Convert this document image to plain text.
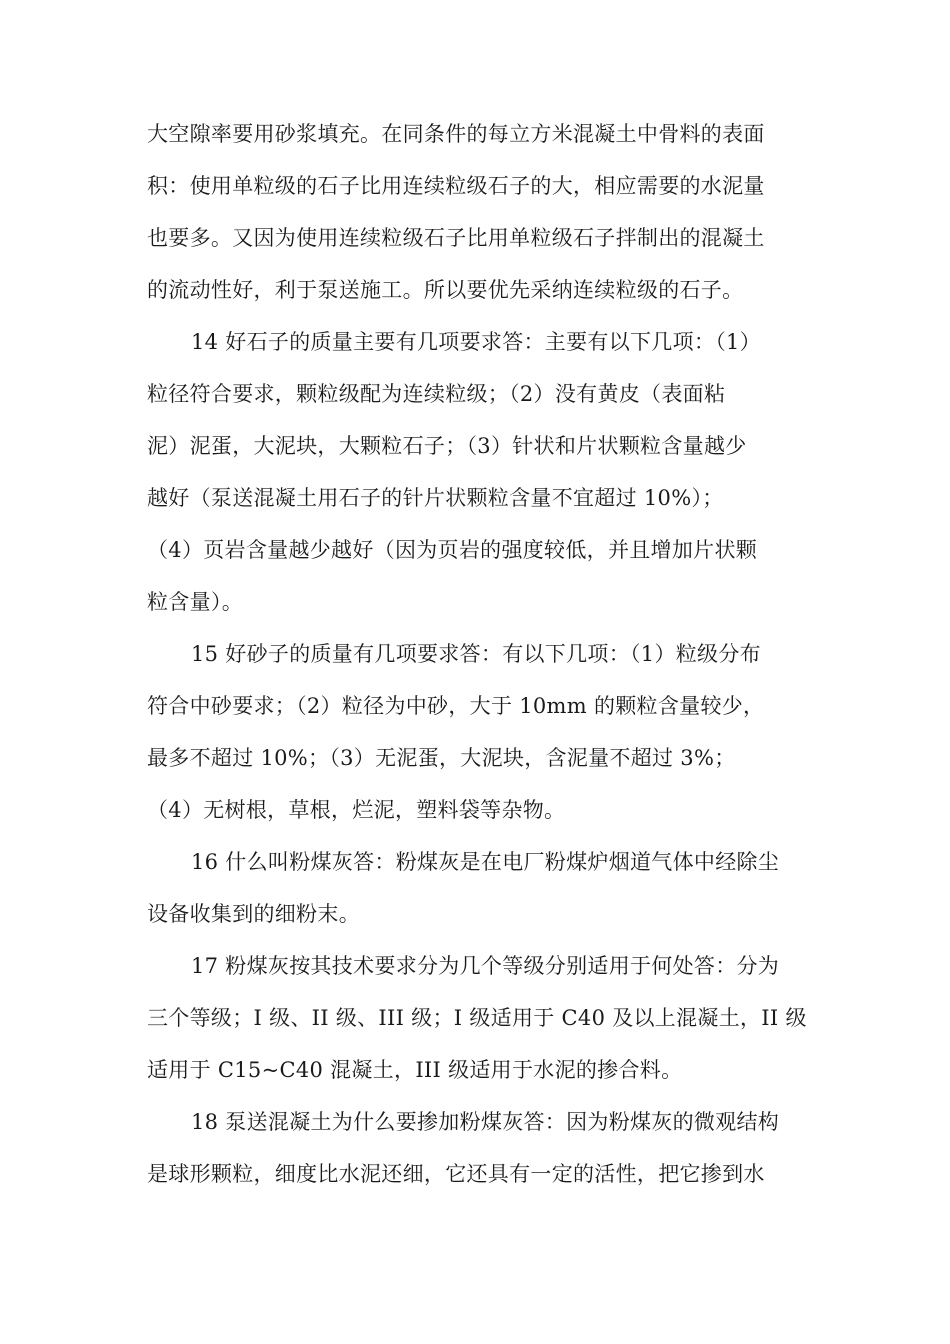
大空隙率要用砂浆填充。在同条件的每立方米混凝土中骨料的表面
积：使用单粒级的石子比用连续粒级石子的大，相应需要的水泥量
也要多。又因为使用连续粒级石子比用单粒级石子拌制出的混凝土
的流动性好，利于泵送施工。所以要优先采纳连续粒级的石子。
14 好石子的质量主要有几项要求答：主要有以下几项：（1）
粒径符合要求，颗粒级配为连续粒级；（2）没有黄皮（表面粘
泥）泥蛋，大泥块，大颗粒石子；（3）针状和片状颗粒含量越少
越好（泵送混凝土用石子的针片状颗粒含量不宜超过 10%）；
（4）页岩含量越少越好（因为页岩的强度较低，并且增加片状颗
粒含量）。
15 好砂子的质量有几项要求答：有以下几项：（1）粒级分布
符合中砂要求；（2）粒径为中砂，大于 10mm 的颗粒含量较少，
最多不超过 10%；（3）无泥蛋，大泥块，含泥量不超过 3%；
（4）无树根，草根，烂泥，塑料袋等杂物。
16 什么叫粉煤灰答：粉煤灰是在电厂粉煤炉烟道气体中经除尘
设备收集到的细粉末。
17 粉煤灰按其技术要求分为几个等级分别适用于何处答：分为
三个等级；I 级、II 级、III 级；I 级适用于 C40 及以上混凝土，II 级
适用于 C15~C40 混凝土，III 级适用于水泥的掺合料。
18 泵送混凝土为什么要掺加粉煤灰答：因为粉煤灰的微观结构
是球形颗粒，细度比水泥还细，它还具有一定的活性，把它掺到水
